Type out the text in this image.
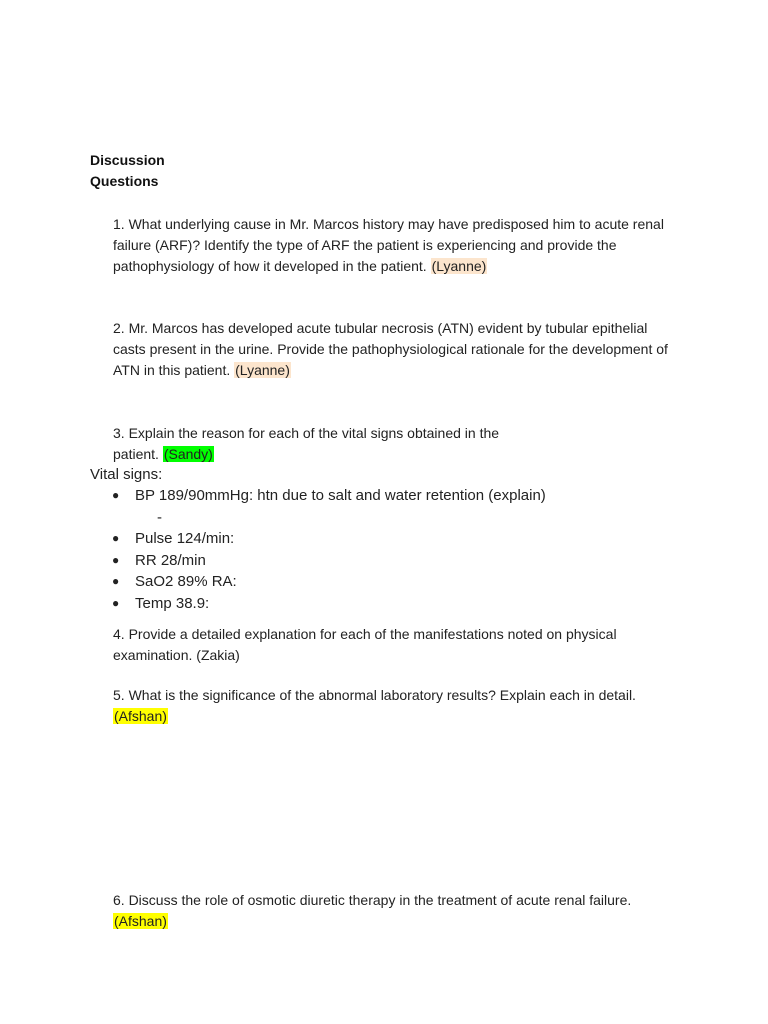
Discussion
Questions
1. What underlying cause in Mr. Marcos history may have predisposed him to acute renal failure (ARF)? Identify the type of ARF the patient is experiencing and provide the pathophysiology of how it developed in the patient. (Lyanne)
2. Mr. Marcos has developed acute tubular necrosis (ATN) evident by tubular epithelial casts present in the urine. Provide the pathophysiological rationale for the development of ATN in this patient. (Lyanne)
3. Explain the reason for each of the vital signs obtained in the patient. (Sandy)
Vital signs:
● BP 189/90mmHg: htn due to salt and water retention (explain)
-
● Pulse 124/min:
● RR 28/min
● SaO2 89% RA:
● Temp 38.9:
4. Provide a detailed explanation for each of the manifestations noted on physical examination. (Zakia)
5. What is the significance of the abnormal laboratory results? Explain each in detail. (Afshan)
6. Discuss the role of osmotic diuretic therapy in the treatment of acute renal failure. (Afshan)
